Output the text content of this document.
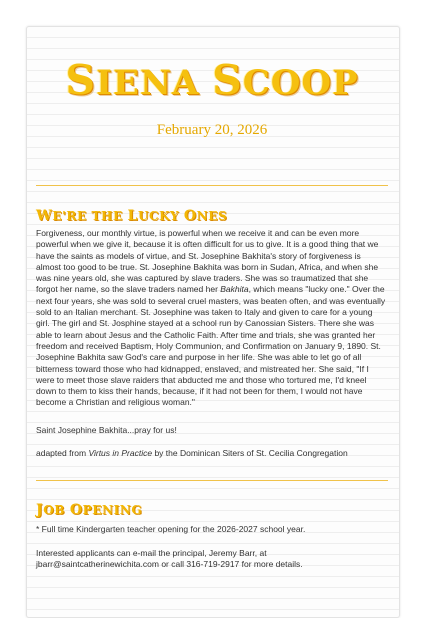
SIENA SCOOP
February 20, 2026
WE'RE THE LUCKY ONES

Forgiveness, our monthly virtue, is powerful when we receive it and can be even more powerful when we give it, because it is often difficult for us to give. It is a good thing that we have the saints as models of virtue, and St. Josephine Bakhita's story of forgiveness is almost too good to be true. St. Josephine Bakhita was born in Sudan, Africa, and when she was nine years old, she was captured by slave traders. She was so traumatized that she forgot her name, so the slave traders named her Bakhita, which means "lucky one." Over the next four years, she was sold to several cruel masters, was beaten often, and was eventually sold to an Italian merchant. St. Josephine was taken to Italy and given to care for a young girl. The girl and St. Josphine stayed at a school run by Canossian Sisters. There she was able to learn about Jesus and the Catholic Faith. After time and trials, she was granted her freedom and received Baptism, Holy Communion, and Confirmation on January 9, 1890. St. Josephine Bakhita saw God's care and purpose in her life. She was able to let go of all bitterness toward those who had kidnapped, enslaved, and mistreated her. She said, "If I were to meet those slave raiders that abducted me and those who tortured me, I'd kneel down to them to kiss their hands, because, if it had not been for them, I would not have become a Christian and religious woman."

Saint Josephine Bakhita...pray for us!
adapted from Virtus in Practice by the Dominican Siters of St. Cecilia Congregation
JOB OPENING
* Full time Kindergarten teacher opening for the 2026-2027 school year.
Interested applicants can e-mail the principal, Jeremy Barr, at jbarr@saintcatherinewichita.com or call 316-719-2917 for more details.
